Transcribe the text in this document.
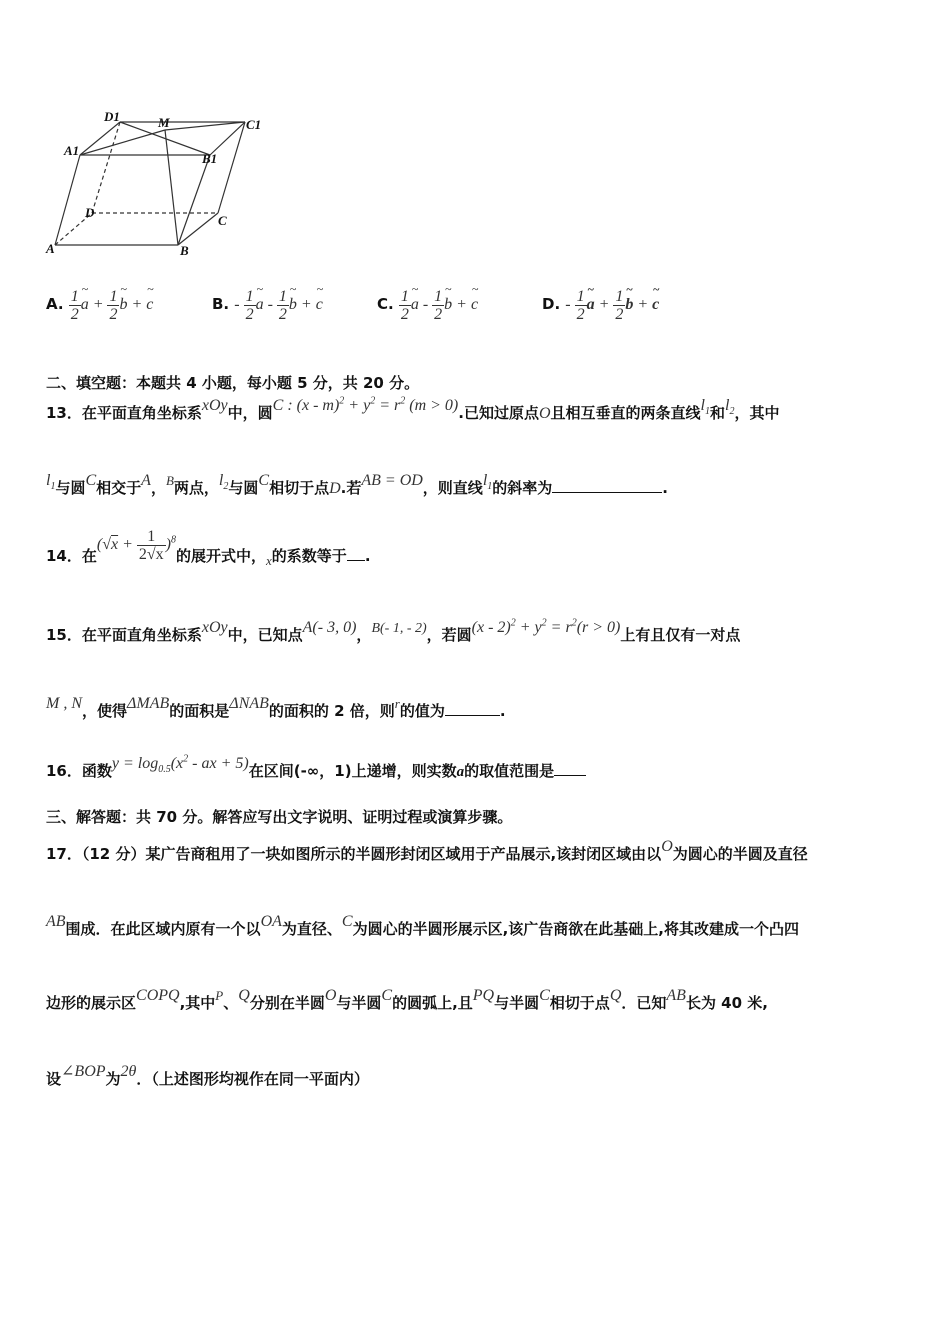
D1	M	C1
A1
B1
D
C
A	B
A. $\frac{1}{2}$ ~ $a + \frac{1}{2}$ ~ b + ~ c	B. - $\frac{1}{2}$ ~ a - $\frac{1}{2}$ ~ b + ~ c	C. $\frac{1}{2}$ ~ a - $\frac{1}{2}$ ~ b + ~ c	D. - $\frac{1}{2}$ ~ $a + \frac{1}{2}$ ~ b + ~ c
二、填空题：本题共 4 小题，每小题 5 分，共 20 分。
13．在平面直角坐标系xOy中，圆C : $(x - m)^2 + y^2 = r^2$ (m > 0).已知过原点O且相互垂直的两条直线$l_1$和$l_2$，其中
$l_1$与圆C相交于A，$^B$两点，$l_2$与圆C相切于点D.若AB = OD，则直线$l_1$的斜率为	.
14．在$(√x + \frac{1}{2√x} )^8$的展开式中，$_x$的系数等于 .
15．在平面直角坐标系xOy中，已知点A(- 3, 0)，B(- 1, - 2)，若圆$(x - 2)^2 + y^2 = r^2(r > 0)$上有且仅有一对点
M , N，使得ΔMAB的面积是ΔNAB的面积的 2 倍，则$^r$的值为	.
16．函数$y = \log_{0.5}(x^2$ - ax + 5)在区间(-∞，1)上递增，则实数a的取值范围是
三、解答题：共 70 分。解答应写出文字说明、证明过程或演算步骤。
17．（12 分）某广告商租用了一块如图所示的半圆形封闭区域用于产品展示,该封闭区域由以O为圆心的半圆及直径
AB围成．在此区域内原有一个以OA为直径、C为圆心的半圆形展示区,该广告商欲在此基础上,将其改建成一个凸四
边形的展示区COPQ,其中$^P$、Q分别在半圆O与半圆C的圆弧上,且PQ与半圆C相切于点Q．已知AB长为 40 米,
设∠BOP为2θ．（上述图形均视作在同一平面内）
